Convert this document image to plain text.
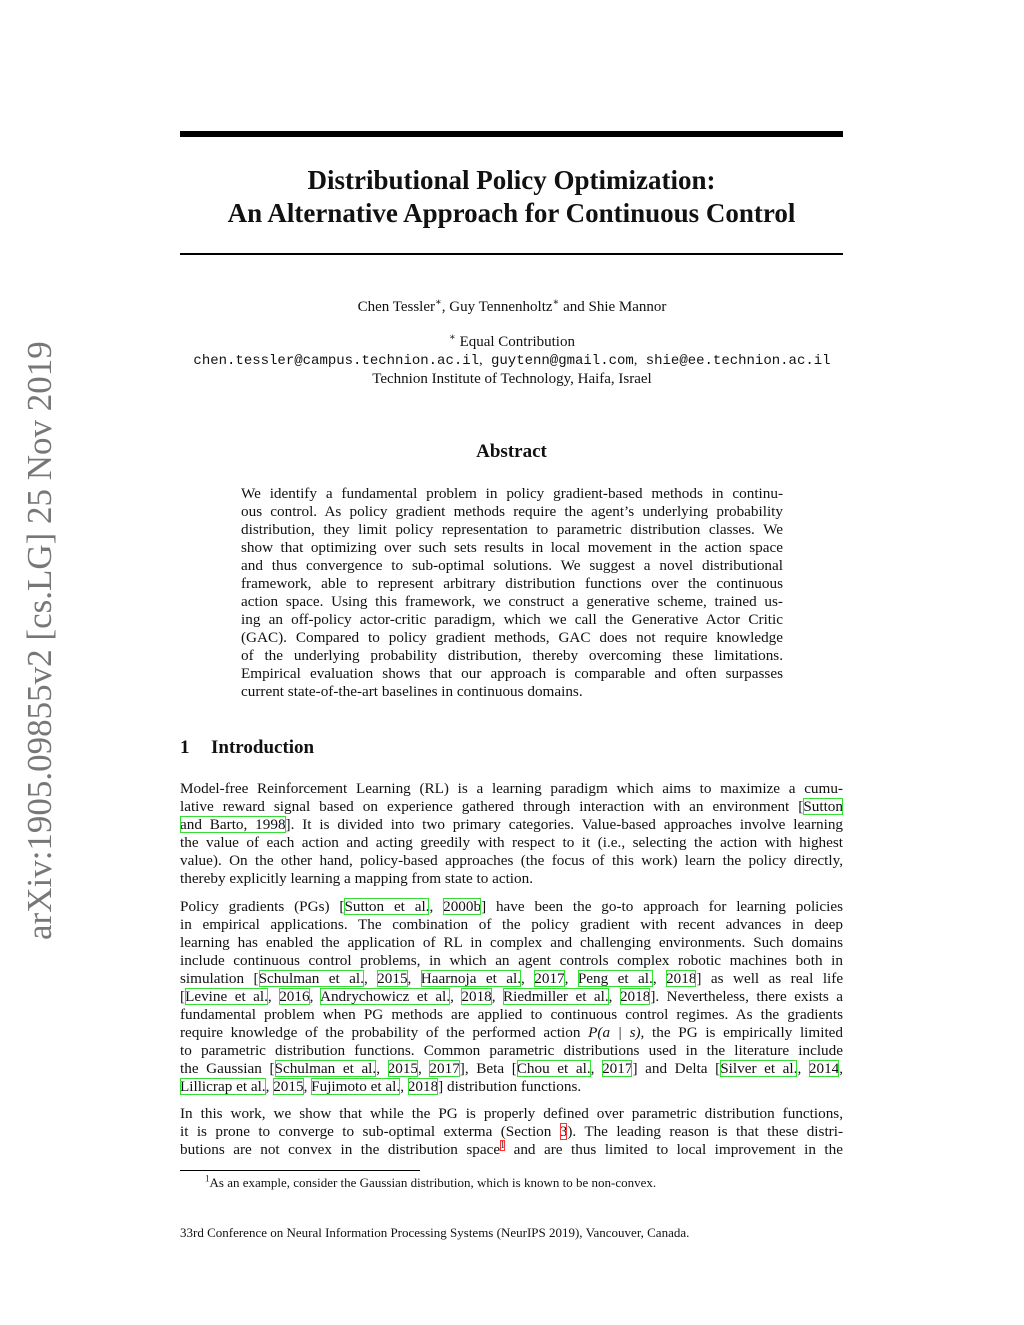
arXiv:1905.09855v2 [cs.LG] 25 Nov 2019
Distributional Policy Optimization:
An Alternative Approach for Continuous Control
Chen Tessler∗, Guy Tennenholtz∗ and Shie Mannor
∗ Equal Contribution
chen.tessler@campus.technion.ac.il, guytenn@gmail.com, shie@ee.technion.ac.il
Technion Institute of Technology, Haifa, Israel
Abstract
We identify a fundamental problem in policy gradient-based methods in continu-
ous control. As policy gradient methods require the agent’s underlying probability
distribution, they limit policy representation to parametric distribution classes. We
show that optimizing over such sets results in local movement in the action space
and thus convergence to sub-optimal solutions. We suggest a novel distributional
framework, able to represent arbitrary distribution functions over the continuous
action space. Using this framework, we construct a generative scheme, trained us-
ing an off-policy actor-critic paradigm, which we call the Generative Actor Critic
(GAC). Compared to policy gradient methods, GAC does not require knowledge
of the underlying probability distribution, thereby overcoming these limitations.
Empirical evaluation shows that our approach is comparable and often surpasses
current state-of-the-art baselines in continuous domains.
1 Introduction
Model-free Reinforcement Learning (RL) is a learning paradigm which aims to maximize a cumu-
lative reward signal based on experience gathered through interaction with an environment [Sutton
and Barto, 1998]. It is divided into two primary categories. Value-based approaches involve learning
the value of each action and acting greedily with respect to it (i.e., selecting the action with highest
value). On the other hand, policy-based approaches (the focus of this work) learn the policy directly,
thereby explicitly learning a mapping from state to action.
Policy gradients (PGs) [Sutton et al., 2000b] have been the go-to approach for learning policies
in empirical applications. The combination of the policy gradient with recent advances in deep
learning has enabled the application of RL in complex and challenging environments. Such domains
include continuous control problems, in which an agent controls complex robotic machines both in
simulation [Schulman et al., 2015, Haarnoja et al., 2017, Peng et al., 2018] as well as real life
[Levine et al., 2016, Andrychowicz et al., 2018, Riedmiller et al., 2018]. Nevertheless, there exists a
fundamental problem when PG methods are applied to continuous control regimes. As the gradients
require knowledge of the probability of the performed action P(a | s), the PG is empirically limited
to parametric distribution functions. Common parametric distributions used in the literature include
the Gaussian [Schulman et al., 2015, 2017], Beta [Chou et al., 2017] and Delta [Silver et al., 2014,
Lillicrap et al., 2015, Fujimoto et al., 2018] distribution functions.
In this work, we show that while the PG is properly defined over parametric distribution functions,
it is prone to converge to sub-optimal exterma (Section 3). The leading reason is that these distri-
butions are not convex in the distribution space$^1$ and are thus limited to local improvement in the
$^1$As an example, consider the Gaussian distribution, which is known to be non-convex.
33rd Conference on Neural Information Processing Systems (NeurIPS 2019), Vancouver, Canada.
